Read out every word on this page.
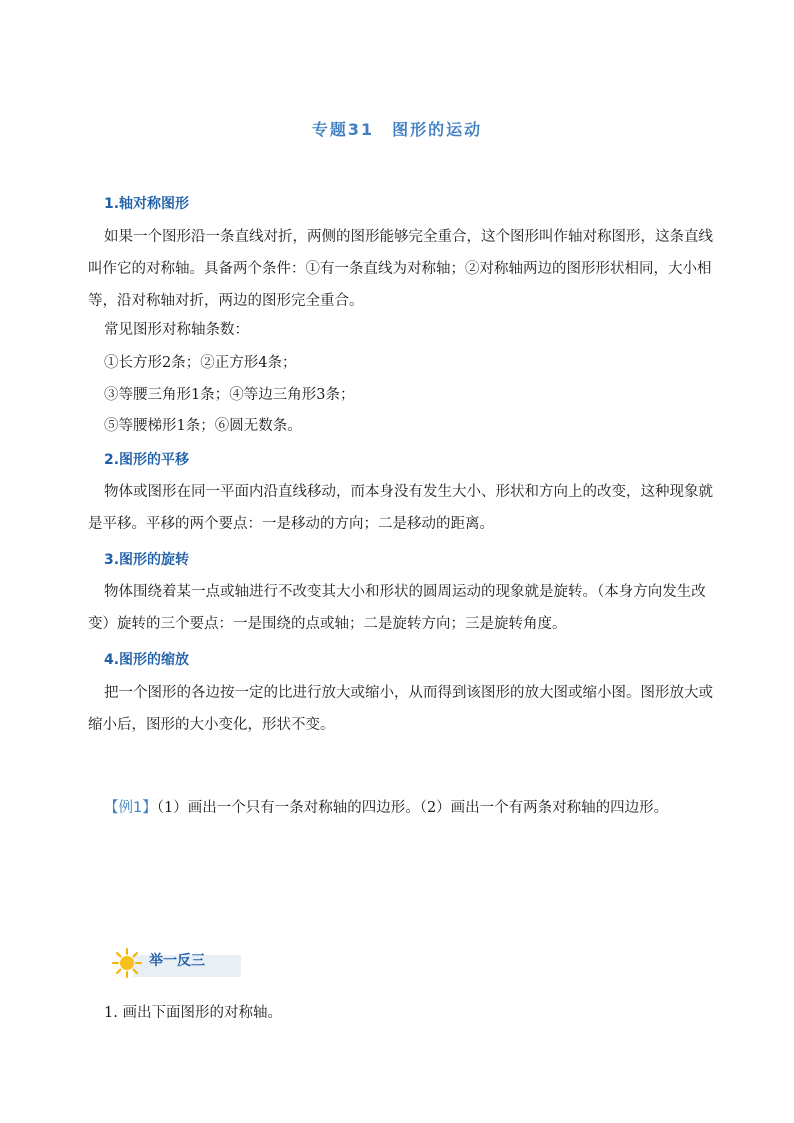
专题31　图形的运动
1.轴对称图形

如果一个图形沿一条直线对折，两侧的图形能够完全重合，这个图形叫作轴对称图形，这条直线叫作它的对称轴。具备两个条件：①有一条直线为对称轴；②对称轴两边的图形形状相同，大小相等，沿对称轴对折，两边的图形完全重合。

常见图形对称轴条数：

①长方形2条；②正方形4条；

③等腰三角形1条；④等边三角形3条；

⑤等腰梯形1条；⑥圆无数条。

2.图形的平移

物体或图形在同一平面内沿直线移动，而本身没有发生大小、形状和方向上的改变，这种现象就是平移。平移的两个要点：一是移动的方向；二是移动的距离。

3.图形的旋转

物体围绕着某一点或轴进行不改变其大小和形状的圆周运动的现象就是旋转。（本身方向发生改变）旋转的三个要点：一是围绕的点或轴；二是旋转方向；三是旋转角度。

4.图形的缩放

把一个图形的各边按一定的比进行放大或缩小，从而得到该图形的放大图或缩小图。图形放大或缩小后，图形的大小变化，形状不变。

【例1】（1）画出一个只有一条对称轴的四边形。（2）画出一个有两条对称轴的四边形。

举一反三

1. 画出下面图形的对称轴。
